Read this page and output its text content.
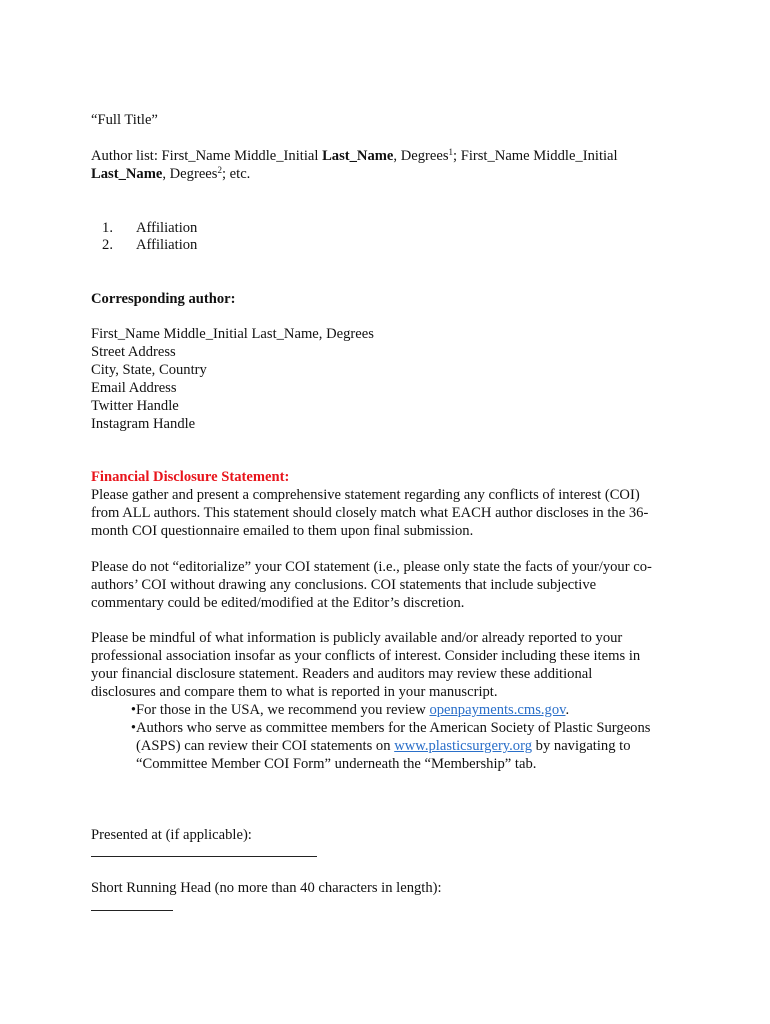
“Full Title”
Author list: First_Name Middle_Initial Last_Name, Degrees$^1$; First_Name Middle_Initial
Last_Name, Degrees$^2$; etc.
1. Affiliation
2. Affiliation
Corresponding author:
First_Name Middle_Initial Last_Name, Degrees
Street Address
City, State, Country
Email Address
Twitter Handle
Instagram Handle
Financial Disclosure Statement:
Please gather and present a comprehensive statement regarding any conflicts of interest (COI)
from ALL authors. This statement should closely match what EACH author discloses in the 36-
month COI questionnaire emailed to them upon final submission.
Please do not “editorialize” your COI statement (i.e., please only state the facts of your/your co-
authors’ COI without drawing any conclusions. COI statements that include subjective
commentary could be edited/modified at the Editor’s discretion.
Please be mindful of what information is publicly available and/or already reported to your
professional association insofar as your conflicts of interest. Consider including these items in
your financial disclosure statement. Readers and auditors may review these additional
disclosures and compare them to what is reported in your manuscript.
• For those in the USA, we recommend you review openpayments.cms.gov.
• Authors who serve as committee members for the American Society of Plastic Surgeons
(ASPS) can review their COI statements on www.plasticsurgery.org by navigating to
“Committee Member COI Form” underneath the “Membership” tab.
Presented at (if applicable):
Short Running Head (no more than 40 characters in length):
